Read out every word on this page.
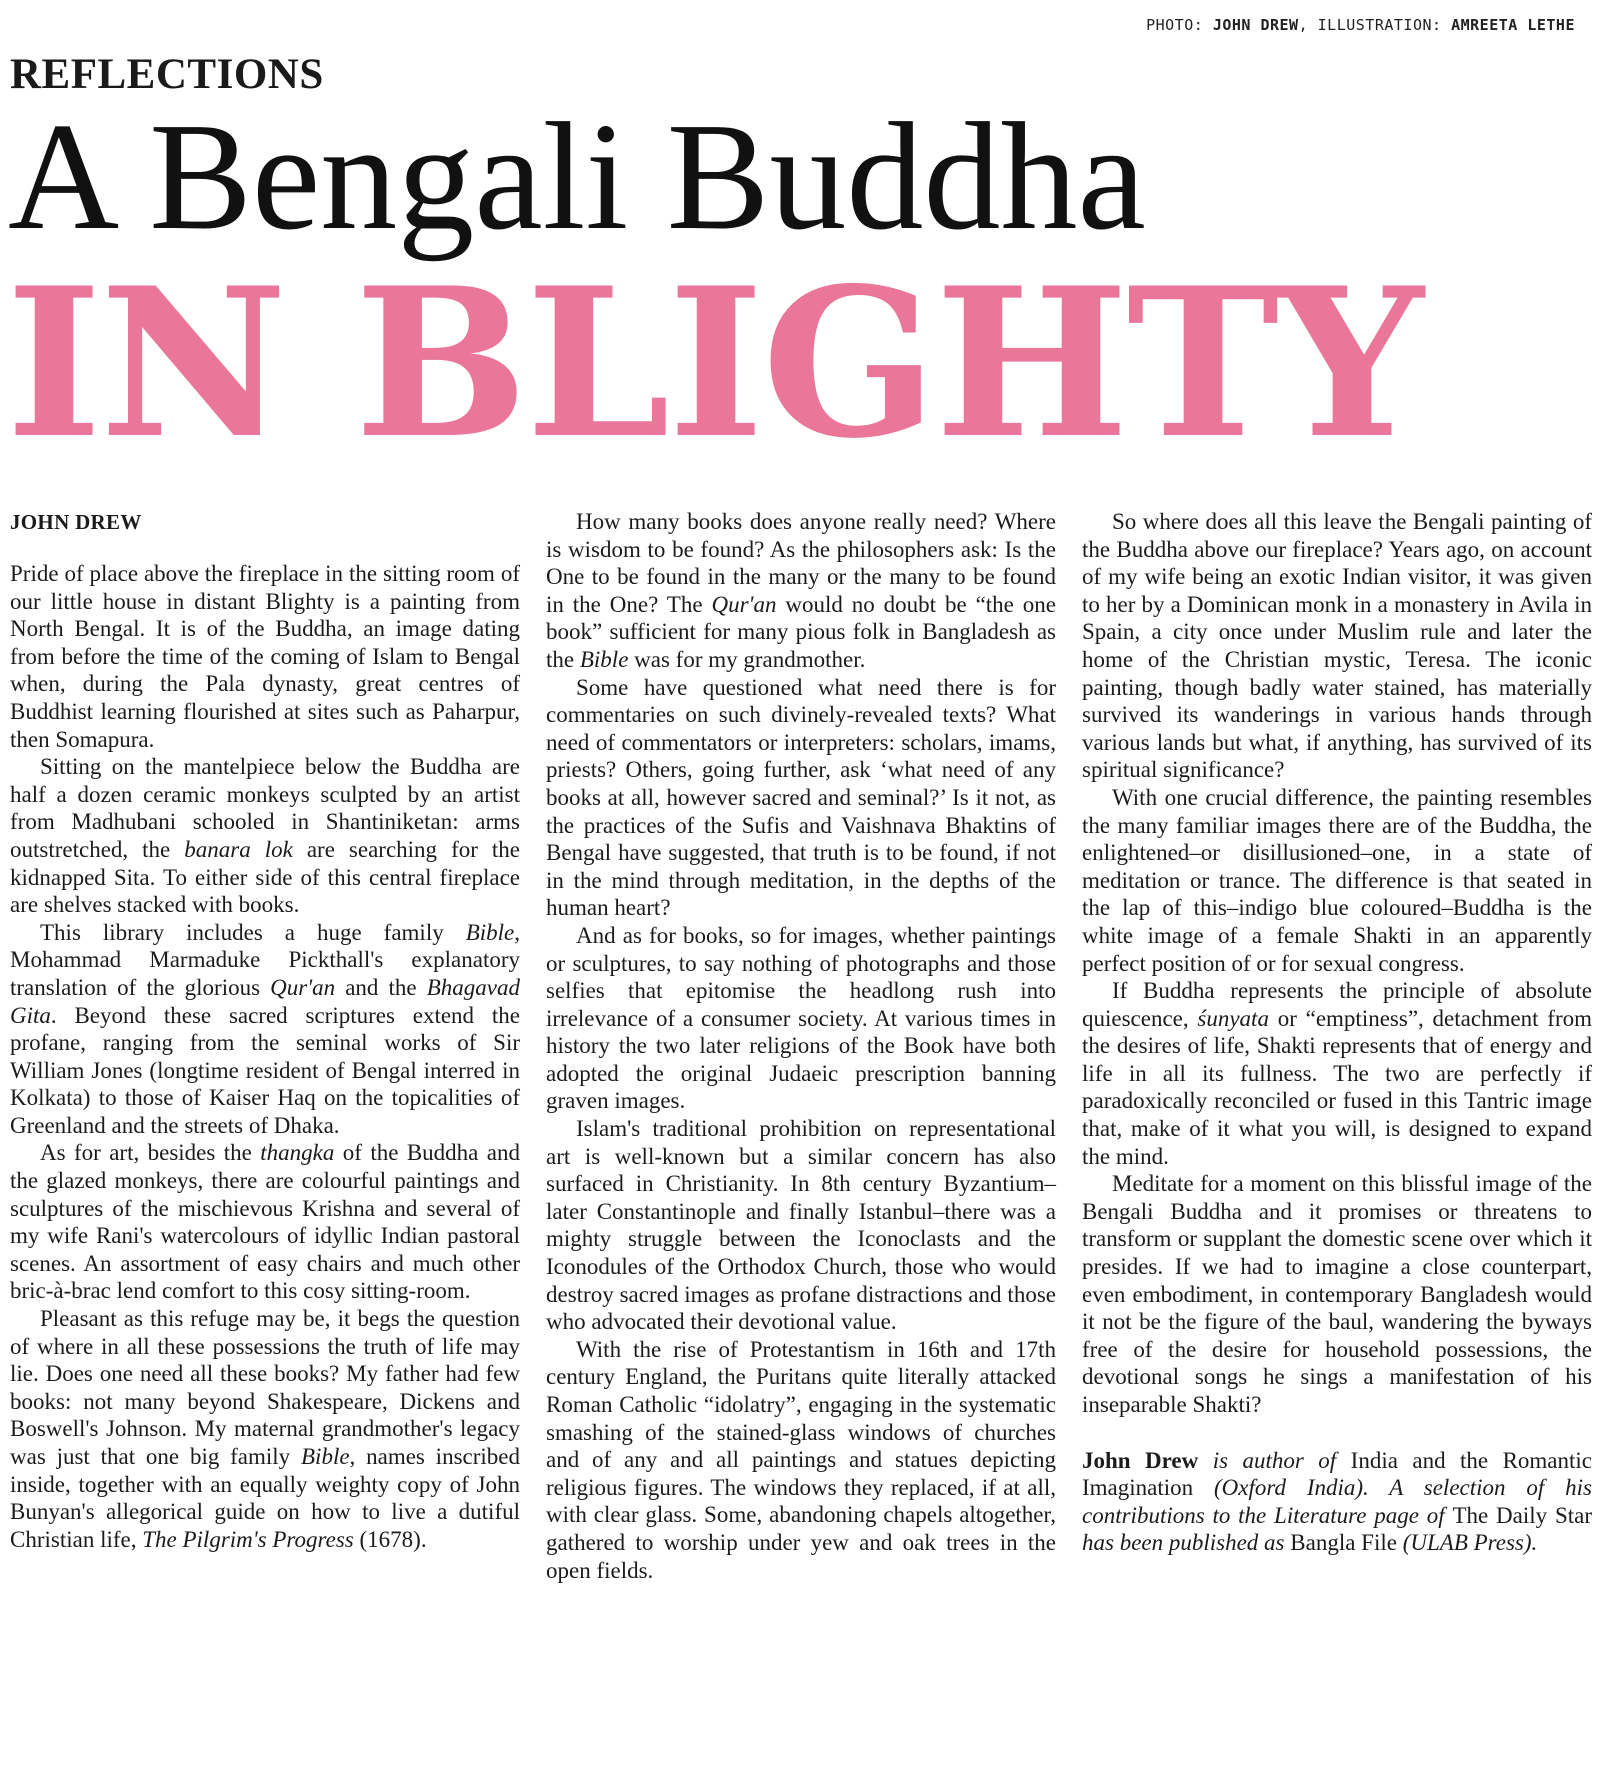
PHOTO: JOHN DREW, ILLUSTRATION: AMREETA LETHE
REFLECTIONS
A Bengali Buddha
IN BLIGHTY
JOHN DREW

Pride of place above the fireplace in the sitting room of our little house in distant Blighty is a painting from North Bengal. It is of the Buddha, an image dating from before the time of the coming of Islam to Bengal when, during the Pala dynasty, great centres of Buddhist learning flourished at sites such as Paharpur, then Somapura.

Sitting on the mantelpiece below the Buddha are half a dozen ceramic monkeys sculpted by an artist from Madhubani schooled in Shantiniketan: arms outstretched, the banara lok are searching for the kidnapped Sita. To either side of this central fireplace are shelves stacked with books.

This library includes a huge family Bible, Mohammad Marmaduke Pickthall's explanatory translation of the glorious Qur'an and the Bhagavad Gita. Beyond these sacred scriptures extend the profane, ranging from the seminal works of Sir William Jones (longtime resident of Bengal interred in Kolkata) to those of Kaiser Haq on the topicalities of Greenland and the streets of Dhaka.

As for art, besides the thangka of the Buddha and the glazed monkeys, there are colourful paintings and sculptures of the mischievous Krishna and several of my wife Rani's watercolours of idyllic Indian pastoral scenes. An assortment of easy chairs and much other bric-à-brac lend comfort to this cosy sitting-room.

Pleasant as this refuge may be, it begs the question of where in all these possessions the truth of life may lie. Does one need all these books? My father had few books: not many beyond Shakespeare, Dickens and Boswell's Johnson. My maternal grandmother's legacy was just that one big family Bible, names inscribed inside, together with an equally weighty copy of John Bunyan's allegorical guide on how to live a dutiful Christian life, The Pilgrim's Progress (1678).

How many books does anyone really need? Where is wisdom to be found? As the philosophers ask: Is the One to be found in the many or the many to be found in the One? The Qur'an would no doubt be “the one book” sufficient for many pious folk in Bangladesh as the Bible was for my grandmother.

Some have questioned what need there is for commentaries on such divinely-revealed texts? What need of commentators or interpreters: scholars, imams, priests? Others, going further, ask ‘what need of any books at all, however sacred and seminal?’ Is it not, as the practices of the Sufis and Vaishnava Bhaktins of Bengal have suggested, that truth is to be found, if not in the mind through meditation, in the depths of the human heart?

And as for books, so for images, whether paintings or sculptures, to say nothing of photographs and those selfies that epitomise the headlong rush into irrelevance of a consumer society. At various times in history the two later religions of the Book have both adopted the original Judaeic prescription banning graven images.

Islam's traditional prohibition on representational art is well-known but a similar concern has also surfaced in Christianity. In 8th century Byzantium–later Constantinople and finally Istanbul–there was a mighty struggle between the Iconoclasts and the Iconodules of the Orthodox Church, those who would destroy sacred images as profane distractions and those who advocated their devotional value.

With the rise of Protestantism in 16th and 17th century England, the Puritans quite literally attacked Roman Catholic “idolatry”, engaging in the systematic smashing of the stained-glass windows of churches and of any and all paintings and statues depicting religious figures. The windows they replaced, if at all, with clear glass. Some, abandoning chapels altogether, gathered to worship under yew and oak trees in the open fields.

So where does all this leave the Bengali painting of the Buddha above our fireplace? Years ago, on account of my wife being an exotic Indian visitor, it was given to her by a Dominican monk in a monastery in Avila in Spain, a city once under Muslim rule and later the home of the Christian mystic, Teresa. The iconic painting, though badly water stained, has materially survived its wanderings in various hands through various lands but what, if anything, has survived of its spiritual significance?

With one crucial difference, the painting resembles the many familiar images there are of the Buddha, the enlightened–or disillusioned–one, in a state of meditation or trance. The difference is that seated in the lap of this–indigo blue coloured–Buddha is the white image of a female Shakti in an apparently perfect position of or for sexual congress.

If Buddha represents the principle of absolute quiescence, śunyata or “emptiness”, detachment from the desires of life, Shakti represents that of energy and life in all its fullness. The two are perfectly if paradoxically reconciled or fused in this Tantric image that, make of it what you will, is designed to expand the mind.

Meditate for a moment on this blissful image of the Bengali Buddha and it promises or threatens to transform or supplant the domestic scene over which it presides. If we had to imagine a close counterpart, even embodiment, in contemporary Bangladesh would it not be the figure of the baul, wandering the byways free of the desire for household possessions, the devotional songs he sings a manifestation of his inseparable Shakti?

John Drew is author of India and the Romantic Imagination (Oxford India). A selection of his contributions to the Literature page of The Daily Star has been published as Bangla File (ULAB Press).
